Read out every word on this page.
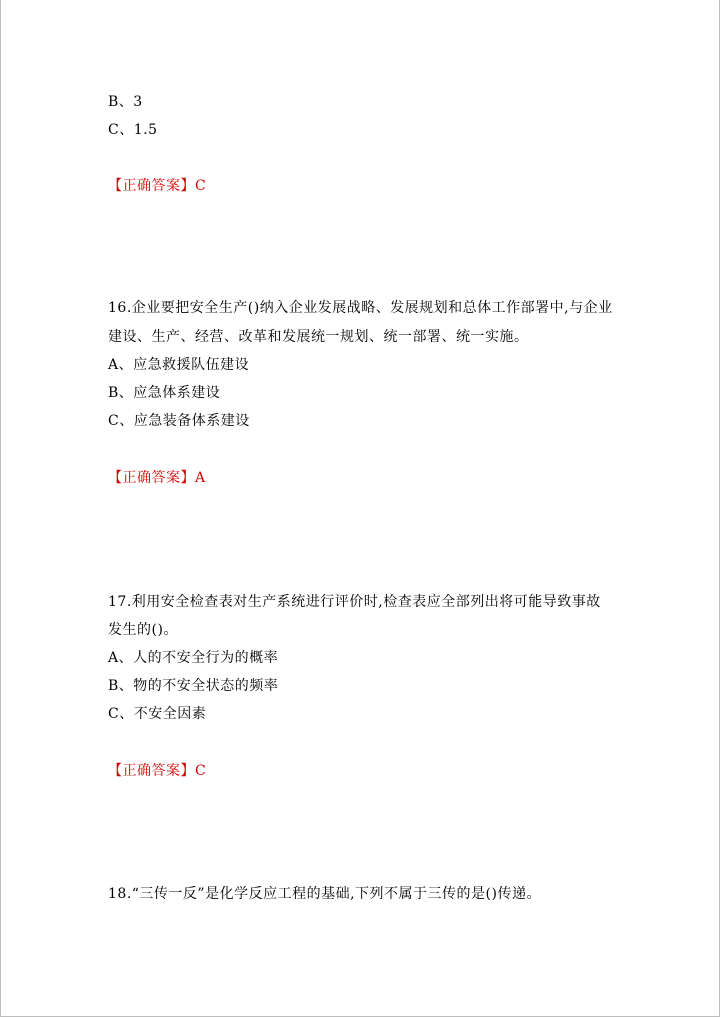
B、3
C、1.5
【正确答案】C
16.企业要把安全生产()纳入企业发展战略、发展规划和总体工作部署中,与企业
建设、生产、经营、改革和发展统一规划、统一部署、统一实施。
A、应急救援队伍建设
B、应急体系建设
C、应急装备体系建设
【正确答案】A
17.利用安全检查表对生产系统进行评价时,检查表应全部列出将可能导致事故
发生的()。
A、人的不安全行为的概率
B、物的不安全状态的频率
C、不安全因素
【正确答案】C
18.“三传一反”是化学反应工程的基础,下列不属于三传的是()传递。
